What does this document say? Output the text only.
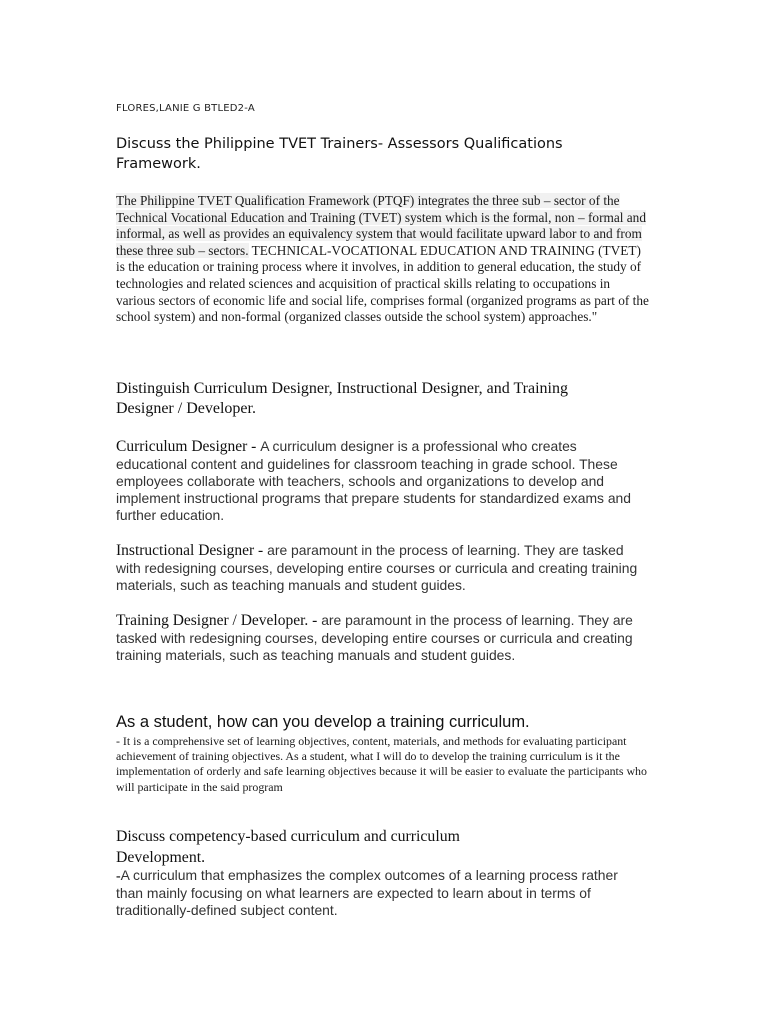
FLORES,LANIE G BTLED2-A
Discuss the Philippine TVET Trainers- Assessors Qualifications Framework.
The Philippine TVET Qualification Framework (PTQF) integrates the three sub – sector of the Technical Vocational Education and Training (TVET) system which is the formal, non – formal and informal, as well as provides an equivalency system that would facilitate upward labor to and from these three sub – sectors. TECHNICAL-VOCATIONAL EDUCATION AND TRAINING (TVET) is the education or training process where it involves, in addition to general education, the study of technologies and related sciences and acquisition of practical skills relating to occupations in various sectors of economic life and social life, comprises formal (organized programs as part of the school system) and non-formal (organized classes outside the school system) approaches."
Distinguish Curriculum Designer, Instructional Designer, and Training Designer / Developer.
Curriculum Designer - A curriculum designer is a professional who creates educational content and guidelines for classroom teaching in grade school. These employees collaborate with teachers, schools and organizations to develop and implement instructional programs that prepare students for standardized exams and further education.
Instructional Designer - are paramount in the process of learning. They are tasked with redesigning courses, developing entire courses or curricula and creating training materials, such as teaching manuals and student guides.
Training Designer / Developer. - are paramount in the process of learning. They are tasked with redesigning courses, developing entire courses or curricula and creating training materials, such as teaching manuals and student guides.
As a student, how can you develop a training curriculum.
- It is a comprehensive set of learning objectives, content, materials, and methods for evaluating participant achievement of training objectives. As a student, what I will do to develop the training curriculum is it the implementation of orderly and safe learning objectives because it will be easier to evaluate the participants who will participate in the said program
Discuss competency-based curriculum and curriculum Development.
-A curriculum that emphasizes the complex outcomes of a learning process rather than mainly focusing on what learners are expected to learn about in terms of traditionally-defined subject content.
